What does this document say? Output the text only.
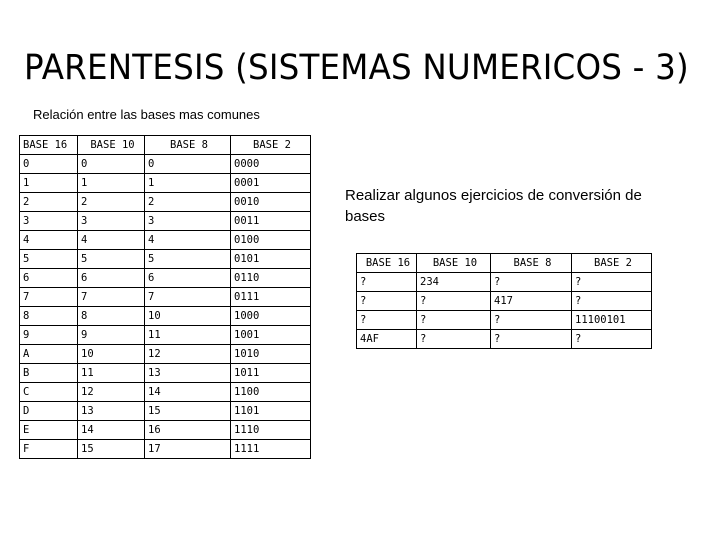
PARENTESIS (SISTEMAS NUMERICOS - 3)
Relación entre las bases mas comunes
BASE 16	BASE 10	BASE 8	BASE 2
0	0	0	0000
1	1	1	0001
2	2	2	0010
3	3	3	0011
4	4	4	0100
5	5	5	0101
6	6	6	0110
7	7	7	0111
8	8	10	1000
9	9	11	1001
A	10	12	1010
B	11	13	1011
C	12	14	1100
D	13	15	1101
E	14	16	1110
F	15	17	1111
Realizar algunos ejercicios de conversión de bases
BASE 16	BASE 10	BASE 8	BASE 2
?	234	?	?
?	?	417	?
?	?	?	11100101
4AF	?	?	?
